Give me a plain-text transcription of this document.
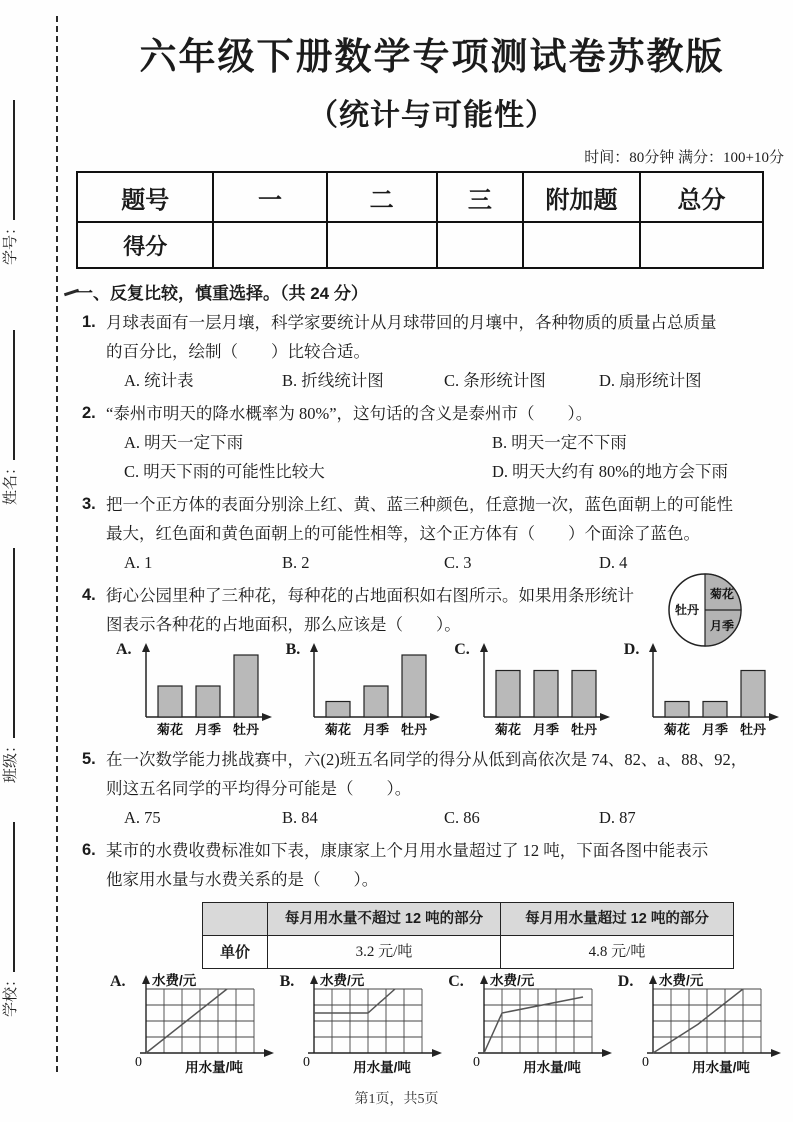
学号：
姓名：
班级：
学校：
六年级下册数学专项测试卷苏教版
（统计与可能性）
时间：80分钟 满分：100+10分
题号	一	二	三	附加题	总分
得分					
一、反复比较，慎重选择。（共 24 分）
1. 月球表面有一层月壤，科学家要统计从月球带回的月壤中，各种物质的质量占总质量
的百分比，绘制（　　）比较合适。
A. 统计表	B. 折线统计图	C. 条形统计图	D. 扇形统计图
2. “泰州市明天的降水概率为 80%”，这句话的含义是泰州市（　　）。
A. 明天一定下雨	B. 明天一定不下雨
C. 明天下雨的可能性比较大	D. 明天大约有 80%的地方会下雨
3. 把一个正方体的表面分别涂上红、黄、蓝三种颜色，任意抛一次，蓝色面朝上的可能性
最大，红色面和黄色面朝上的可能性相等，这个正方体有（　　）个面涂了蓝色。
A. 1	B. 2	C. 3	D. 4
4. 街心公园里种了三种花，每种花的占地面积如右图所示。如果用条形统计
图表示各种花的占地面积，那么应该是（　　）。
牡丹
菊花
月季
A.
菊花 月季 牡丹
B.
菊花 月季 牡丹
C.
菊花 月季 牡丹
D.
菊花 月季 牡丹
5. 在一次数学能力挑战赛中，六(2)班五名同学的得分从低到高依次是 74、82、a、88、92，
则这五名同学的平均得分可能是（　　）。
A. 75	B. 84	C. 86	D. 87
6. 某市的水费收费标准如下表，康康家上个月用水量超过了 12 吨，下面各图中能表示
他家用水量与水费关系的是（　　）。
	每月用水量不超过 12 吨的部分	每月用水量超过 12 吨的部分
单价	3.2 元/吨	4.8 元/吨
A.
0
水费/元
用水量/吨
B.
0
水费/元
用水量/吨
C.
0
水费/元
用水量/吨
D.
0
水费/元
用水量/吨
第1页，共5页
